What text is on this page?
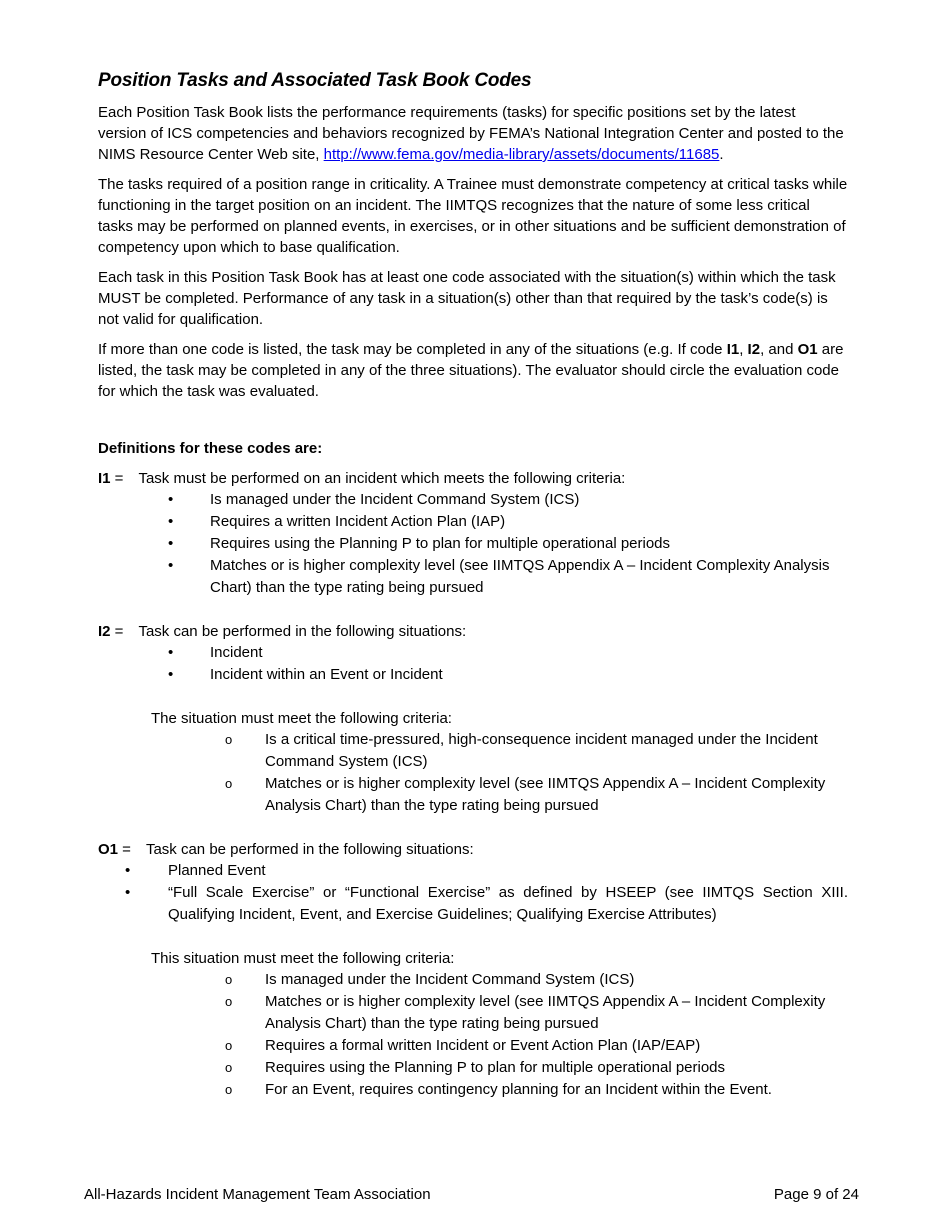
Position Tasks and Associated Task Book Codes

Each Position Task Book lists the performance requirements (tasks) for specific positions set by the latest version of ICS competencies and behaviors recognized by FEMA’s National Integration Center and posted to the NIMS Resource Center Web site, http://www.fema.gov/media-library/assets/documents/11685.

The tasks required of a position range in criticality. A Trainee must demonstrate competency at critical tasks while functioning in the target position on an incident. The IIMTQS recognizes that the nature of some less critical tasks may be performed on planned events, in exercises, or in other situations and be sufficient demonstration of competency upon which to base qualification.

Each task in this Position Task Book has at least one code associated with the situation(s) within which the task MUST be completed. Performance of any task in a situation(s) other than that required by the task’s code(s) is not valid for qualification.

If more than one code is listed, the task may be completed in any of the situations (e.g. If code I1, I2, and O1 are listed, the task may be completed in any of the three situations). The evaluator should circle the evaluation code for which the task was evaluated.

Definitions for these codes are:

I1 = Task must be performed on an incident which meets the following criteria:

• Is managed under the Incident Command System (ICS)
• Requires a written Incident Action Plan (IAP)
• Requires using the Planning P to plan for multiple operational periods
• Matches or is higher complexity level (see IIMTQS Appendix A – Incident Complexity Analysis Chart) than the type rating being pursued

I2 = Task can be performed in the following situations:

• Incident
• Incident within an Event or Incident

The situation must meet the following criteria:

o Is a critical time-pressured, high-consequence incident managed under the Incident Command System (ICS)
o Matches or is higher complexity level (see IIMTQS Appendix A – Incident Complexity Analysis Chart) than the type rating being pursued

O1 = Task can be performed in the following situations:

•	Planned Event
•	“Full Scale Exercise” or “Functional Exercise” as defined by HSEEP (see IIMTQS Section XIII. Qualifying Incident, Event, and Exercise Guidelines; Qualifying Exercise Attributes)

This situation must meet the following criteria:

o Is managed under the Incident Command System (ICS)
o Matches or is higher complexity level (see IIMTQS Appendix A – Incident Complexity Analysis Chart) than the type rating being pursued
o Requires a formal written Incident or Event Action Plan (IAP/EAP)
o Requires using the Planning P to plan for multiple operational periods
o For an Event, requires contingency planning for an Incident within the Event.
All-Hazards Incident Management Team Association	Page 9 of 24
